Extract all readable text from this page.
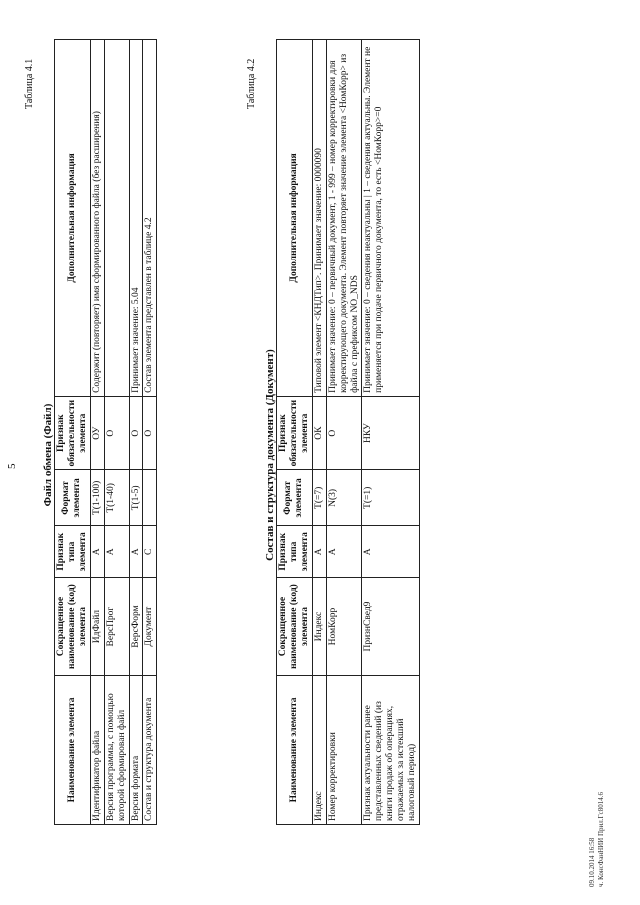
5
Таблица 4.1
Файл обмена (Файл)
Наименование элемента	Сокращенное наименование (код) элемента	Признак типа элемента	Формат элемента	Признак обязательности элемента	Дополнительная информация
Идентификатор файла	ИдФайл	А	T(1-100)	ОУ	Содержит (повторяет) имя сформированного файла (без расширения)
Версия программы, с помощью которой сформирован файл	ВерсПрог	А	T(1-40)	О	
Версия формата	ВерсФорм	А	T(1-5)	О	Принимает значение: 5.04
Состав и структура документа	Документ	С		О	Состав элемента представлен в таблице 4.2
Таблица 4.2
Состав и структура документа (Документ)
Наименование элемента	Сокращенное наименование (код) элемента	Признак типа элемента	Формат элемента	Признак обязательности элемента	Дополнительная информация
Индекс	Индекс	А	T(=7)	ОК	Типовой элемент <КНДТип>. Принимает значение: 0000090
Номер корректировки	НомКорр	А	N(3)	О	Принимает значение: 0 – первичный документ, 1 - 999 – номер корректировки для корректирующего документа. Элемент повторяет значение элемента <НомКорр> из файла с префиксом NO_NDS
Признак актуальности ранее представленных сведений (из книги продаж об операциях, отражаемых за истекший налоговый период)	ПризнСвед9	А	T(=1)	НКУ	Принимает значение: 0 – сведения неактуальны | 1 – сведения актуальны. Элемент не применяется при подаче первичного документа, то есть <НомКорр>=0
09.10.2014 16:58 ч. КонсФанНИИ Прил.Гс8014.6
